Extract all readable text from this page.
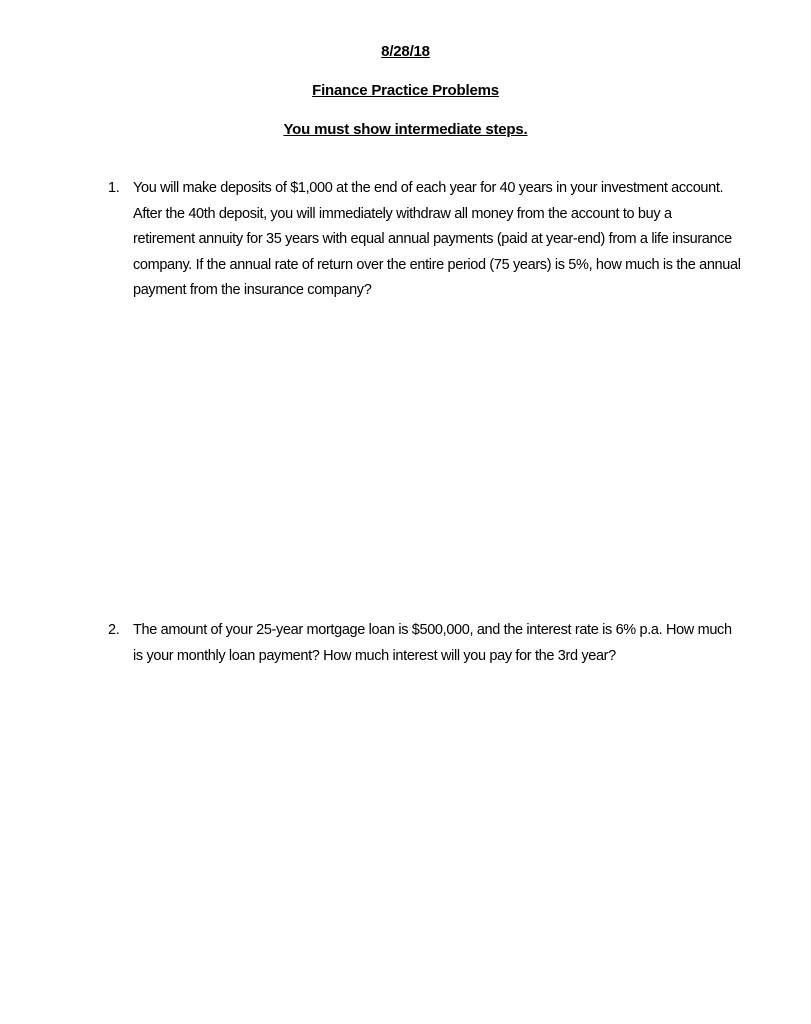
8/28/18
Finance Practice Problems
You must show intermediate steps.
1. You will make deposits of $1,000 at the end of each year for 40 years in your investment account.
After the 40th deposit, you will immediately withdraw all money from the account to buy a
retirement annuity for 35 years with equal annual payments (paid at year-end) from a life insurance
company. If the annual rate of return over the entire period (75 years) is 5%, how much is the annual
payment from the insurance company?
2. The amount of your 25-year mortgage loan is $500,000, and the interest rate is 6% p.a. How much
is your monthly loan payment? How much interest will you pay for the 3rd year?
